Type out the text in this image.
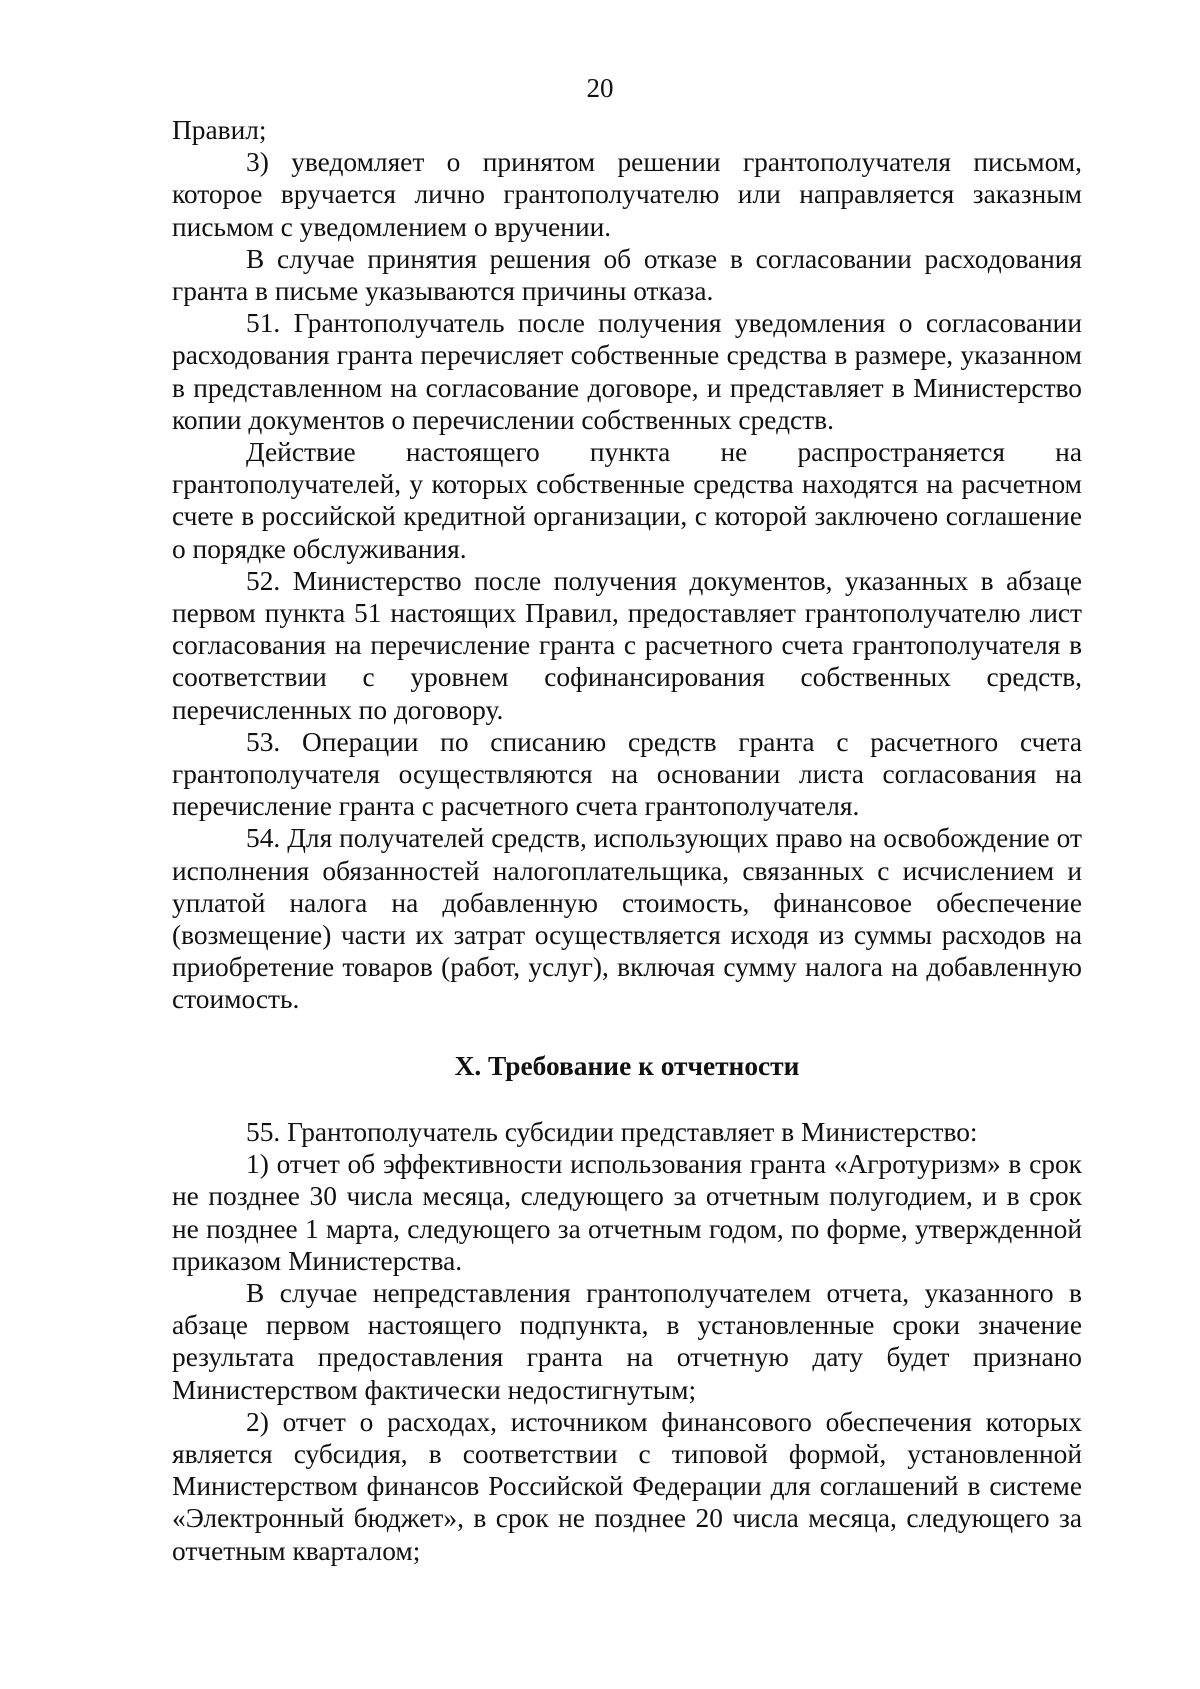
20

Правил;

3) уведомляет о принятом решении грантополучателя письмом, которое вручается лично грантополучателю или направляется заказным письмом с уведомлением о вручении.

В случае принятия решения об отказе в согласовании расходования гранта в письме указываются причины отказа.

51. Грантополучатель после получения уведомления о согласовании расходования гранта перечисляет собственные средства в размере, указанном в представленном на согласование договоре, и представляет в Министерство копии документов о перечислении собственных средств.

Действие настоящего пункта не распространяется на грантополучателей, у которых собственные средства находятся на расчетном счете в российской кредитной организации, с которой заключено соглашение о порядке обслуживания.

52. Министерство после получения документов, указанных в абзаце первом пункта 51 настоящих Правил, предоставляет грантополучателю лист согласования на перечисление гранта с расчетного счета грантополучателя в соответствии с уровнем софинансирования собственных средств, перечисленных по договору.

53. Операции по списанию средств гранта с расчетного счета грантополучателя осуществляются на основании листа согласования на перечисление гранта с расчетного счета грантополучателя.

54. Для получателей средств, использующих право на освобождение от исполнения обязанностей налогоплательщика, связанных с исчислением и уплатой налога на добавленную стоимость, финансовое обеспечение (возмещение) части их затрат осуществляется исходя из суммы расходов на приобретение товаров (работ, услуг), включая сумму налога на добавленную стоимость.

X. Требование к отчетности

55. Грантополучатель субсидии представляет в Министерство:

1) отчет об эффективности использования гранта «Агротуризм» в срок не позднее 30 числа месяца, следующего за отчетным полугодием, и в срок не позднее 1 марта, следующего за отчетным годом, по форме, утвержденной приказом Министерства.

В случае непредставления грантополучателем отчета, указанного в абзаце первом настоящего подпункта, в установленные сроки значение результата предоставления гранта на отчетную дату будет признано Министерством фактически недостигнутым;

2) отчет о расходах, источником финансового обеспечения которых является субсидия, в соответствии с типовой формой, установленной Министерством финансов Российской Федерации для соглашений в системе «Электронный бюджет», в срок не позднее 20 числа месяца, следующего за отчетным кварталом;
